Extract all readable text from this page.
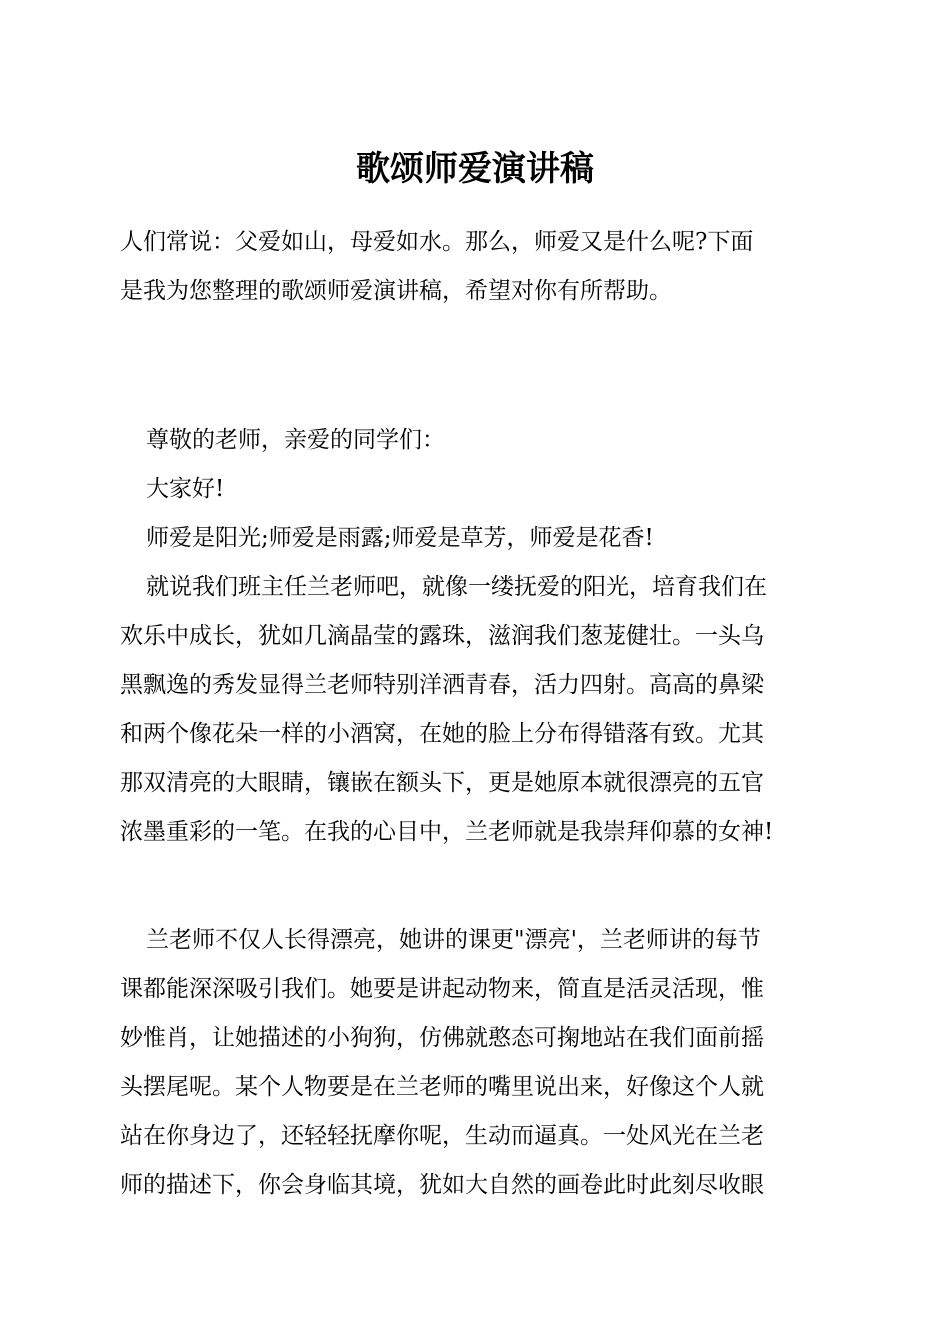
歌颂师爱演讲稿
人们常说：父爱如山，母爱如水。那么，师爱又是什么呢?下面
是我为您整理的歌颂师爱演讲稿，希望对你有所帮助。
尊敬的老师，亲爱的同学们：
大家好!
师爱是阳光;师爱是雨露;师爱是草芳，师爱是花香!
就说我们班主任兰老师吧，就像一缕抚爱的阳光，培育我们在
欢乐中成长，犹如几滴晶莹的露珠，滋润我们葱茏健壮。一头乌
黑飘逸的秀发显得兰老师特别洋洒青春，活力四射。高高的鼻梁
和两个像花朵一样的小酒窝，在她的脸上分布得错落有致。尤其
那双清亮的大眼睛，镶嵌在额头下，更是她原本就很漂亮的五官
浓墨重彩的一笔。在我的心目中，兰老师就是我崇拜仰慕的女神!
兰老师不仅人长得漂亮，她讲的课更"漂亮'，兰老师讲的每节
课都能深深吸引我们。她要是讲起动物来，简直是活灵活现，惟
妙惟肖，让她描述的小狗狗，仿佛就憨态可掬地站在我们面前摇
头摆尾呢。某个人物要是在兰老师的嘴里说出来，好像这个人就
站在你身边了，还轻轻抚摩你呢，生动而逼真。一处风光在兰老
师的描述下，你会身临其境，犹如大自然的画卷此时此刻尽收眼
